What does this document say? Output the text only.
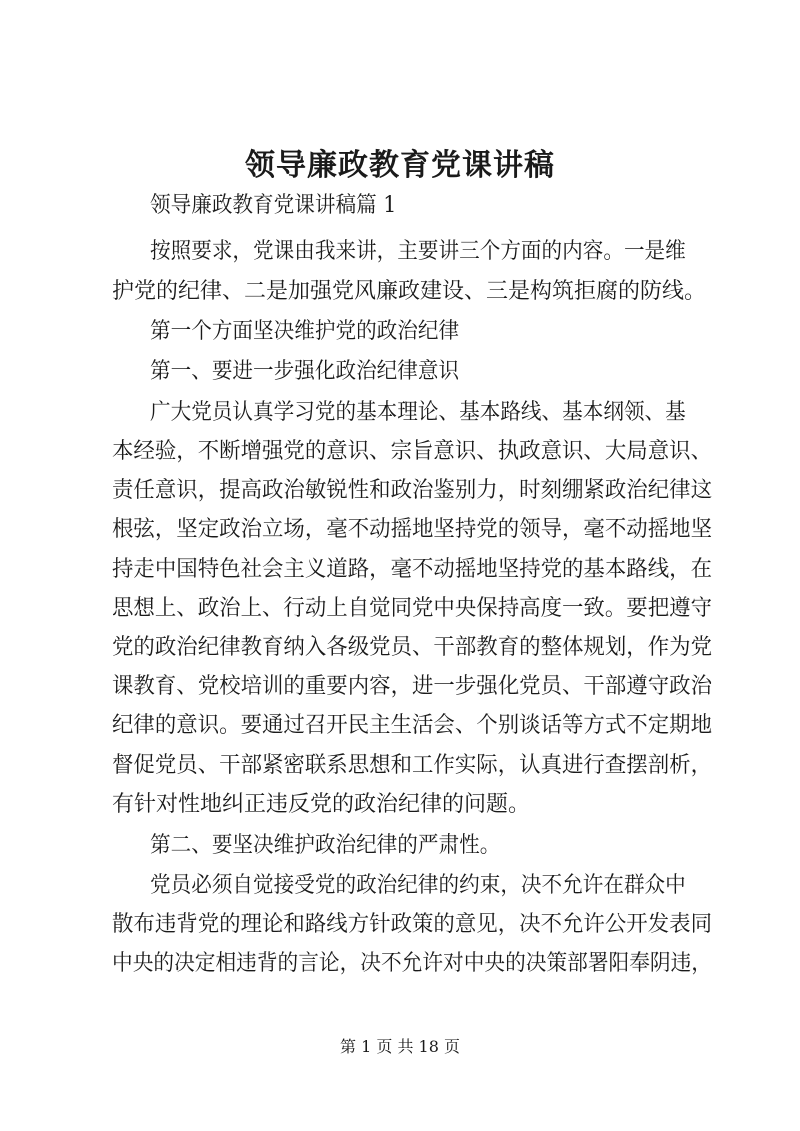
领导廉政教育党课讲稿
领导廉政教育党课讲稿篇 1
按照要求，党课由我来讲，主要讲三个方面的内容。一是维
护党的纪律、二是加强党风廉政建设、三是构筑拒腐的防线。
第一个方面坚决维护党的政治纪律
第一、要进一步强化政治纪律意识
广大党员认真学习党的基本理论、基本路线、基本纲领、基
本经验，不断增强党的意识、宗旨意识、执政意识、大局意识、
责任意识，提高政治敏锐性和政治鉴别力，时刻绷紧政治纪律这
根弦，坚定政治立场，毫不动摇地坚持党的领导，毫不动摇地坚
持走中国特色社会主义道路，毫不动摇地坚持党的基本路线，在
思想上、政治上、行动上自觉同党中央保持高度一致。要把遵守
党的政治纪律教育纳入各级党员、干部教育的整体规划，作为党
课教育、党校培训的重要内容，进一步强化党员、干部遵守政治
纪律的意识。要通过召开民主生活会、个别谈话等方式不定期地
督促党员、干部紧密联系思想和工作实际，认真进行查摆剖析，
有针对性地纠正违反党的政治纪律的问题。
第二、要坚决维护政治纪律的严肃性。
党员必须自觉接受党的政治纪律的约束，决不允许在群众中
散布违背党的理论和路线方针政策的意见，决不允许公开发表同
中央的决定相违背的言论，决不允许对中央的决策部署阳奉阴违，
第 1 页 共 18 页
